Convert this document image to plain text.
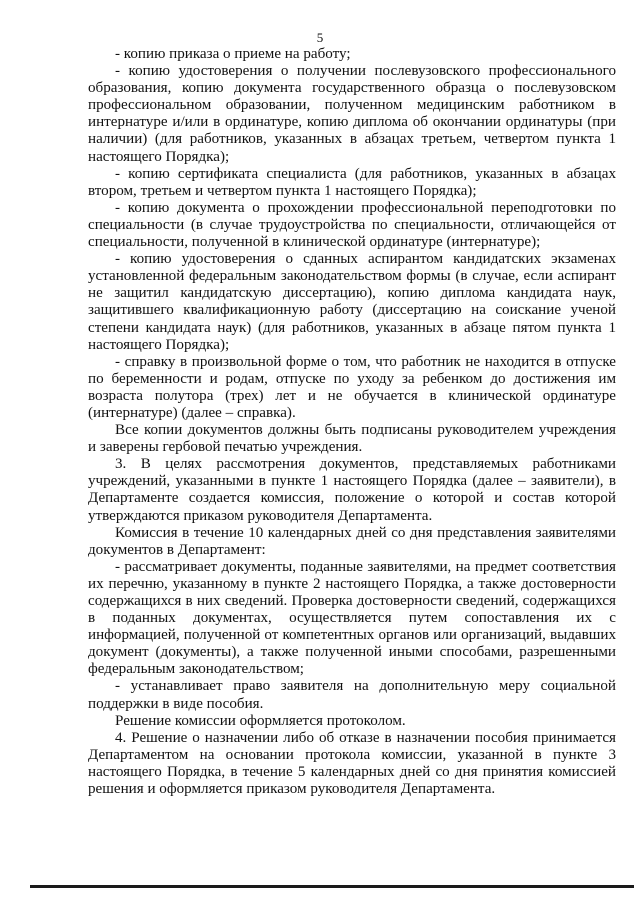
5

- копию приказа о приеме на работу;

- копию удостоверения о получении послевузовского профессионального образования, копию документа государственного образца о послевузовском профессиональном образовании, полученном медицинским работником в интернатуре и/или в ординатуре, копию диплома об окончании ординатуры (при наличии) (для работников, указанных в абзацах третьем, четвертом пункта 1 настоящего Порядка);

- копию сертификата специалиста (для работников, указанных в абзацах втором, третьем и четвертом пункта 1 настоящего Порядка);

- копию документа о прохождении профессиональной переподготовки по специальности (в случае трудоустройства по специальности, отличающейся от специальности, полученной в клинической ординатуре (интернатуре);

- копию удостоверения о сданных аспирантом кандидатских экзаменах установленной федеральным законодательством формы (в случае, если аспирант не защитил кандидатскую диссертацию), копию диплома кандидата наук, защитившего квалификационную работу (диссертацию на соискание ученой степени кандидата наук) (для работников, указанных в абзаце пятом пункта 1 настоящего Порядка);

- справку в произвольной форме о том, что работник не находится в отпуске по беременности и родам, отпуске по уходу за ребенком до достижения им возраста полутора (трех) лет и не обучается в клинической ординатуре (интернатуре) (далее – справка).

Все копии документов должны быть подписаны руководителем учреждения и заверены гербовой печатью учреждения.

3. В целях рассмотрения документов, представляемых работниками учреждений, указанными в пункте 1 настоящего Порядка (далее – заявители), в Департаменте создается комиссия, положение о которой и состав которой утверждаются приказом руководителя Департамента.

Комиссия в течение 10 календарных дней со дня представления заявителями документов в Департамент:

- рассматривает документы, поданные заявителями, на предмет соответствия их перечню, указанному в пункте 2 настоящего Порядка, а также достоверности содержащихся в них сведений. Проверка достоверности сведений, содержащихся в поданных документах, осуществляется путем сопоставления их с информацией, полученной от компетентных органов или организаций, выдавших документ (документы), а также полученной иными способами, разрешенными федеральным законодательством;

- устанавливает право заявителя на дополнительную меру социальной поддержки в виде пособия.

Решение комиссии оформляется протоколом.

4. Решение о назначении либо об отказе в назначении пособия принимается Департаментом на основании протокола комиссии, указанной в пункте 3 настоящего Порядка, в течение 5 календарных дней со дня принятия комиссией решения и оформляется приказом руководителя Департамента.
